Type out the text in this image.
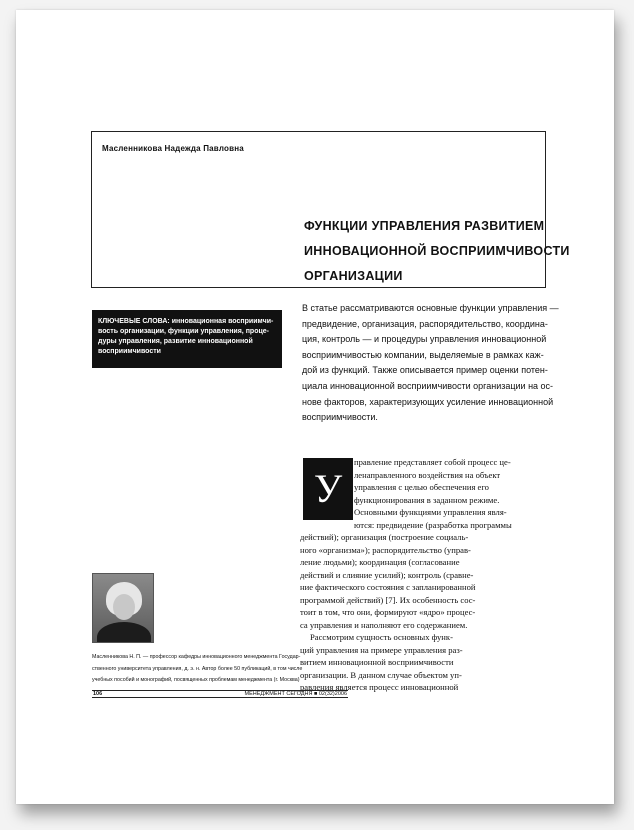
Масленникова Надежда Павловна
ФУНКЦИИ УПРАВЛЕНИЯ РАЗВИТИЕМ
ИННОВАЦИОННОЙ ВОСПРИИМЧИВОСТИ
ОРГАНИЗАЦИИ
КЛЮЧЕВЫЕ СЛОВА: инновационная восприимчи-
вость организации, функции управления, проце-
дуры управления, развитие инновационной
восприимчивости
В статье рассматриваются основные функции управления —
предвидение, организация, распорядительство, координа-
ция, контроль — и процедуры управления инновационной
восприимчивостью компании, выделяемые в рамках каж-
дой из функций. Также описывается пример оценки потен-
циала инновационной восприимчивости организации на ос-
нове факторов, характеризующих усиление инновационной
восприимчивости.
У
правление представляет собой процесс це-
ленаправленного воздействия на объект
управления с целью обеспечения его
функционирования в заданном режиме.
Основными функциями управления явля-
ются: предвидение (разработка программы
действий); организация (построение социаль-
ного «организма»); распорядительство (управ-
ление людьми); координация (согласование
действий и слияние усилий); контроль (сравне-
ние фактического состояния с запланированной
программой действий) [7]. Их особенность сос-
тоит в том, что они, формируют «ядро» процес-
са управления и наполняют его содержанием.
Рассмотрим сущность основных функ-
ций управления на примере управления раз-
витием инновационной восприимчивости
организации. В данном случае объектом уп-
равления является процесс инновационной
Масленникова Н. П. — профессор кафедры инновационного менеджмента Государ-
ственного университета управления, д. э. н. Автор более 50 публикаций, в том числе
учебных пособий и монографий, посвященных проблемам менеджмента (г. Москва)
106	МЕНЕДЖМЕНТ СЕГОДНЯ ■ 02(32)2006
